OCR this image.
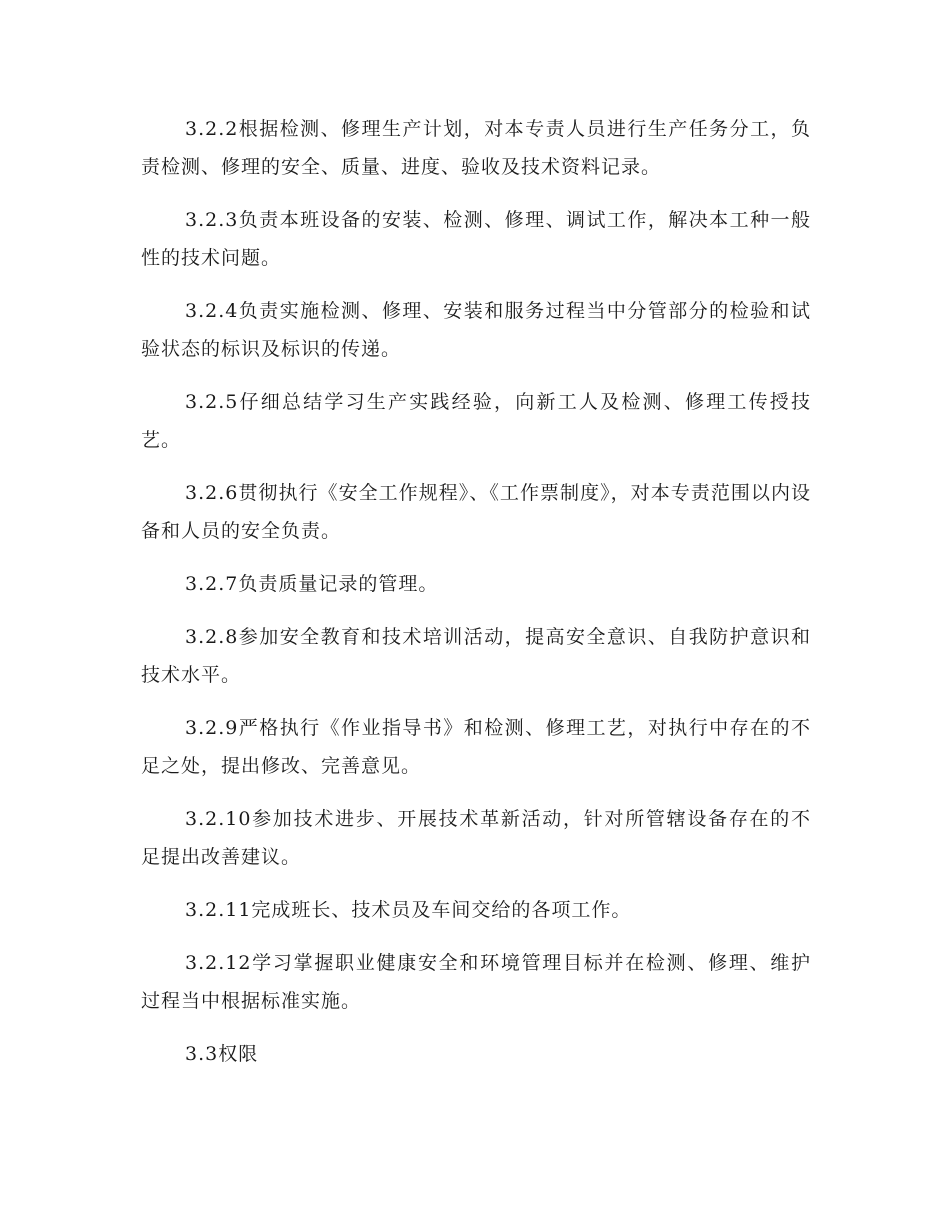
3.2.2根据检测、修理生产计划，对本专责人员进行生产任务分工，负责检测、修理的安全、质量、进度、验收及技术资料记录。

3.2.3负责本班设备的安装、检测、修理、调试工作，解决本工种一般性的技术问题。

3.2.4负责实施检测、修理、安装和服务过程当中分管部分的检验和试验状态的标识及标识的传递。

3.2.5仔细总结学习生产实践经验，向新工人及检测、修理工传授技艺。

3.2.6贯彻执行《安全工作规程》、《工作票制度》，对本专责范围以内设备和人员的安全负责。

3.2.7负责质量记录的管理。

3.2.8参加安全教育和技术培训活动，提高安全意识、自我防护意识和技术水平。

3.2.9严格执行《作业指导书》和检测、修理工艺，对执行中存在的不足之处，提出修改、完善意见。

3.2.10参加技术进步、开展技术革新活动，针对所管辖设备存在的不足提出改善建议。

3.2.11完成班长、技术员及车间交给的各项工作。

3.2.12学习掌握职业健康安全和环境管理目标并在检测、修理、维护过程当中根据标准实施。

3.3权限
